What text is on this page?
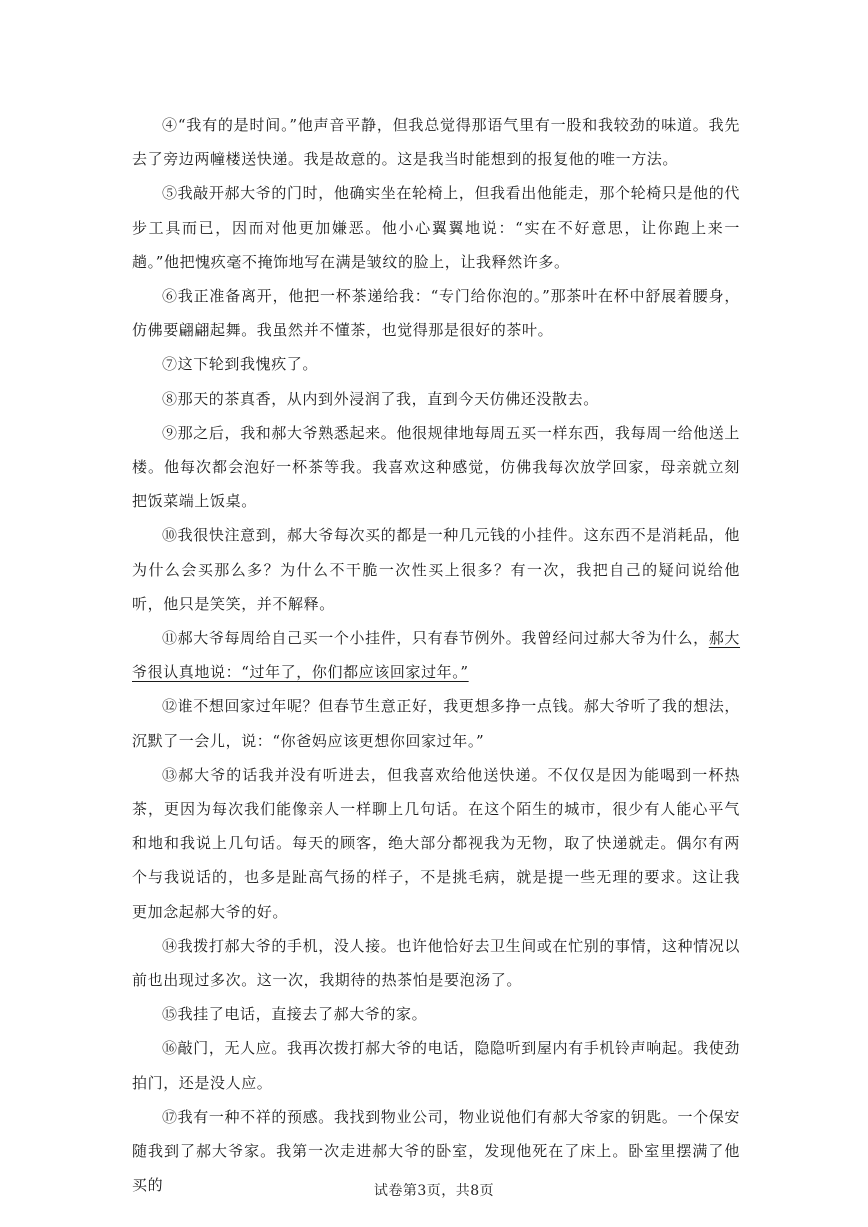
④“我有的是时间。”他声音平静，但我总觉得那语气里有一股和我较劲的味道。我先去了旁边两幢楼送快递。我是故意的。这是我当时能想到的报复他的唯一方法。

⑤我敲开郝大爷的门时，他确实坐在轮椅上，但我看出他能走，那个轮椅只是他的代步工具而已，因而对他更加嫌恶。他小心翼翼地说：“实在不好意思，让你跑上来一趟。”他把愧疚毫不掩饰地写在满是皱纹的脸上，让我释然许多。

⑥我正准备离开，他把一杯茶递给我：“专门给你泡的。”那茶叶在杯中舒展着腰身，仿佛要翩翩起舞。我虽然并不懂茶，也觉得那是很好的茶叶。

⑦这下轮到我愧疚了。

⑧那天的茶真香，从内到外浸润了我，直到今天仿佛还没散去。

⑨那之后，我和郝大爷熟悉起来。他很规律地每周五买一样东西，我每周一给他送上楼。他每次都会泡好一杯茶等我。我喜欢这种感觉，仿佛我每次放学回家，母亲就立刻把饭菜端上饭桌。

⑩我很快注意到，郝大爷每次买的都是一种几元钱的小挂件。这东西不是消耗品，他为什么会买那么多？为什么不干脆一次性买上很多？有一次，我把自己的疑问说给他听，他只是笑笑，并不解释。

⑪郝大爷每周给自己买一个小挂件，只有春节例外。我曾经问过郝大爷为什么，郝大爷很认真地说：“过年了，你们都应该回家过年。”

⑫谁不想回家过年呢？但春节生意正好，我更想多挣一点钱。郝大爷听了我的想法，沉默了一会儿，说：“你爸妈应该更想你回家过年。”

⑬郝大爷的话我并没有听进去，但我喜欢给他送快递。不仅仅是因为能喝到一杯热茶，更因为每次我们能像亲人一样聊上几句话。在这个陌生的城市，很少有人能心平气和地和我说上几句话。每天的顾客，绝大部分都视我为无物，取了快递就走。偶尔有两个与我说话的，也多是趾高气扬的样子，不是挑毛病，就是提一些无理的要求。这让我更加念起郝大爷的好。

⑭我拨打郝大爷的手机，没人接。也许他恰好去卫生间或在忙别的事情，这种情况以前也出现过多次。这一次，我期待的热茶怕是要泡汤了。

⑮我挂了电话，直接去了郝大爷的家。

⑯敲门，无人应。我再次拨打郝大爷的电话，隐隐听到屋内有手机铃声响起。我使劲拍门，还是没人应。

⑰我有一种不祥的预感。我找到物业公司，物业说他们有郝大爷家的钥匙。一个保安随我到了郝大爷家。我第一次走进郝大爷的卧室，发现他死在了床上。卧室里摆满了他买的	试卷第3页，共8页
